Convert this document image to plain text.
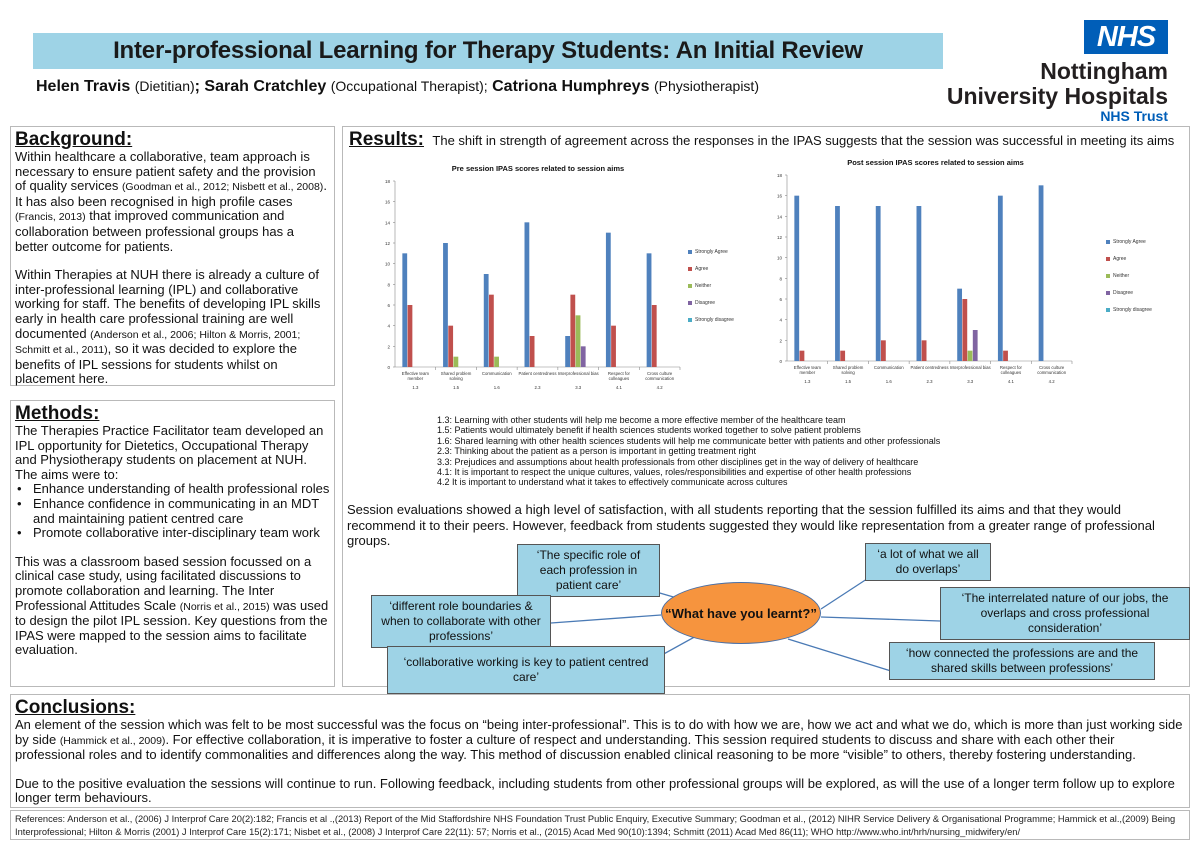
Inter-professional Learning for Therapy Students: An Initial Review
Helen Travis (Dietitian); Sarah Cratchley (Occupational Therapist); Catriona Humphreys (Physiotherapist)
NHS
Nottingham
University Hospitals
NHS Trust
Background:

Within healthcare a collaborative, team approach is necessary to ensure patient safety and the provision of quality services (Goodman et al., 2012; Nisbett et al., 2008). It has also been recognised in high profile cases (Francis, 2013) that improved communication and collaboration between professional groups has a better outcome for patients.

Within Therapies at NUH there is already a culture of inter-professional learning (IPL) and collaborative working for staff. The benefits of developing IPL skills early in health care professional training are well documented (Anderson et al., 2006; Hilton & Morris, 2001; Schmitt et al., 2011), so it was decided to explore the benefits of IPL sessions for students whilst on placement here.

Methods:

The Therapies Practice Facilitator team developed an IPL opportunity for Dietetics, Occupational Therapy and Physiotherapy students on placement at NUH. The aims were to:

• Enhance understanding of health professional roles
• Enhance confidence in communicating in an MDT and maintaining patient centred care
• Promote collaborative inter-disciplinary team work

This was a classroom based session focussed on a clinical case study, using facilitated discussions to promote collaboration and learning. The Inter Professional Attitudes Scale (Norris et al., 2015) was used to design the pilot IPL session. Key questions from the IPAS were mapped to the session aims to facilitate evaluation.

Results: The shift in strength of agreement across the responses in the IPAS suggests that the session was successful in meeting its aims
Pre session IPAS scores related to session aims
0
2
4
6
8
10
12
14
16
18
Effective team
member
1.3
Shared problem
solving
1.5
Communication
1.6
Patient centredness
2.3
Interprofessional bias
3.3
Respect for
colleagues
4.1
Cross culture
communication
4.2
Strongly Agree
Agree
Neither
Disagree
Strongly disagree
Post session IPAS scores related to session aims
0
2
4
6
8
10
12
14
16
18
Effective team
member
1.3
Shared problem
solving
1.5
Communication
1.6
Patient centredness
2.3
Interprofessional bias
3.3
Respect for
colleagues
4.1
Cross culture
communication
4.2
Strongly Agree
Agree
Neither
Disagree
Strongly disagree
1.3: Learning with other students will help me become a more effective member of the healthcare team
1.5: Patients would ultimately benefit if health sciences students worked together to solve patient problems
1.6: Shared learning with other health sciences students will help me communicate better with patients and other professionals
2.3: Thinking about the patient as a person is important in getting treatment right
3.3: Prejudices and assumptions about health professionals from other disciplines get in the way of delivery of healthcare
4.1: It is important to respect the unique cultures, values, roles/responsibilities and expertise of other health professions
4.2 It is important to understand what it takes to effectively communicate across cultures
Session evaluations showed a high level of satisfaction, with all students reporting that the session fulfilled its aims and that they would recommend it to their peers. However, feedback from students suggested they would like representation from a greater range of professional groups.
‘The specific role of each profession in patient care’
‘a lot of what we all do overlaps’
‘different role boundaries & when to collaborate with other professions’
‘The interrelated nature of our jobs, the overlaps and cross professional consideration’
‘collaborative working is key to patient centred care’
‘how connected the professions are and the shared skills between professions’
“What have you learnt?”
Conclusions:

An element of the session which was felt to be most successful was the focus on “being inter-professional”. This is to do with how we are, how we act and what we do, which is more than just working side by side (Hammick et al., 2009). For effective collaboration, it is imperative to foster a culture of respect and understanding. This session required students to discuss and share with each other their professional roles and to identify commonalities and differences along the way. This method of discussion enabled clinical reasoning to be more “visible” to others, thereby fostering understanding.

Due to the positive evaluation the sessions will continue to run. Following feedback, including students from other professional groups will be explored, as will the use of a longer term follow up to explore longer term behaviours.

References: Anderson et al., (2006) J Interprof Care 20(2):182; Francis et al .,(2013) Report of the Mid Staffordshire NHS Foundation Trust Public Enquiry, Executive Summary; Goodman et al., (2012) NIHR Service Delivery & Organisational Programme; Hammick et al.,(2009) Being Interprofessional; Hilton & Morris (2001) J Interprof Care 15(2):171; Nisbet et al., (2008) J Interprof Care 22(11): 57; Norris et al., (2015) Acad Med 90(10):1394; Schmitt (2011) Acad Med 86(11); WHO http://www.who.int/hrh/nursing_midwifery/en/
